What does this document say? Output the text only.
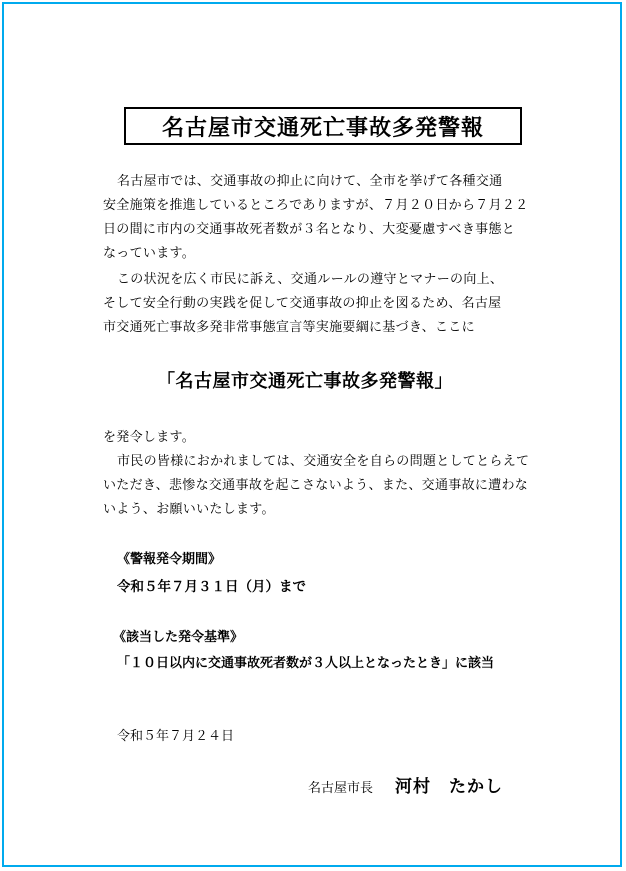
名古屋市交通死亡事故多発警報

名古屋市では、交通事故の抑止に向けて、全市を挙げて各種交通

安全施策を推進しているところでありますが、７月２０日から７月２２

日の間に市内の交通事故死者数が３名となり、大変憂慮すべき事態と

なっています。

この状況を広く市民に訴え、交通ルールの遵守とマナーの向上、

そして安全行動の実践を促して交通事故の抑止を図るため、名古屋

市交通死亡事故多発非常事態宣言等実施要綱に基づき、ここに

「名古屋市交通死亡事故多発警報」

を発令します。

市民の皆様におかれましては、交通安全を自らの問題としてとらえて

いただき、悲惨な交通事故を起こさないよう、また、交通事故に遭わな

いよう、お願いいたします。

《警報発令期間》
令和５年７月３１日（月）まで
《該当した発令基準》
「１０日以内に交通事故死者数が３人以上となったとき」に該当
令和５年７月２４日
名古屋市長 河村　たかし
